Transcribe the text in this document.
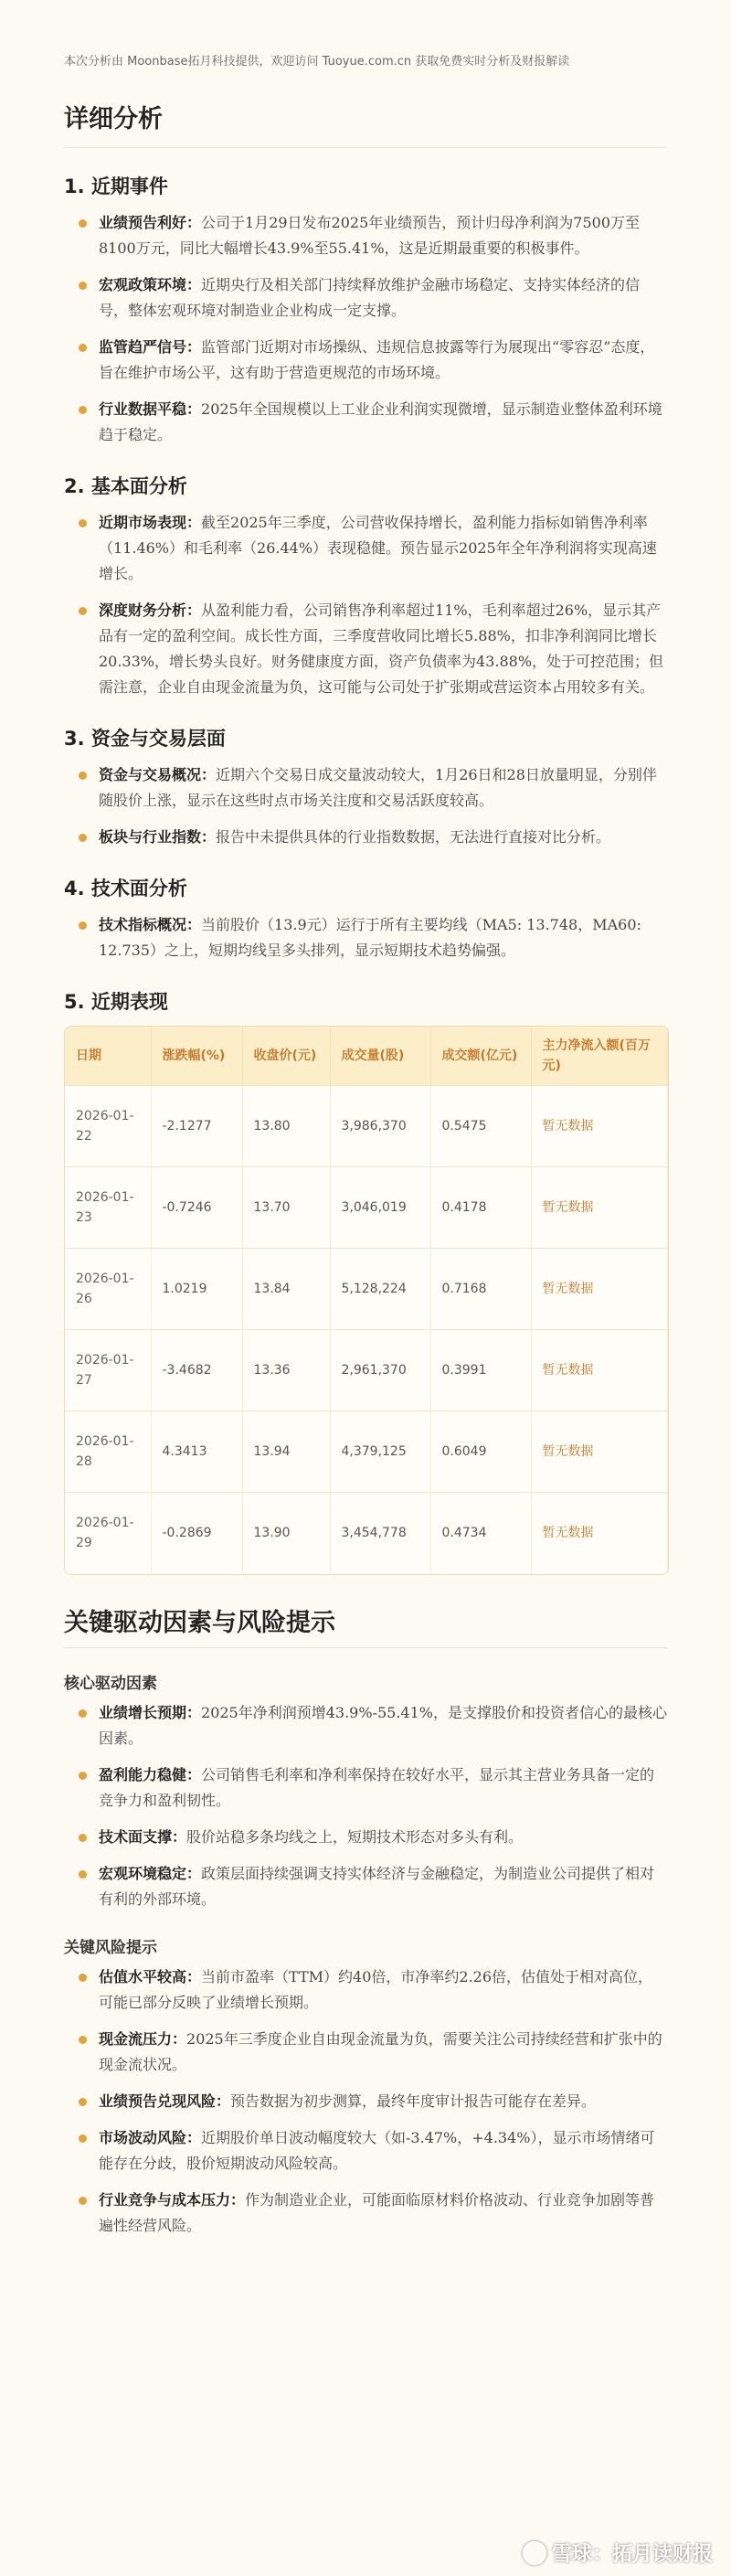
本次分析由 Moonbase拓月科技提供，欢迎访问 Tuoyue.com.cn 获取免费实时分析及财报解读

详细分析
1. 近期事件
业绩预告利好：公司于1月29日发布2025年业绩预告，预计归母净利润为7500万至8100万元，同比大幅增长43.9%至55.41%，这是近期最重要的积极事件。
宏观政策环境：近期央行及相关部门持续释放维护金融市场稳定、支持实体经济的信号，整体宏观环境对制造业企业构成一定支撑。
监管趋严信号：监管部门近期对市场操纵、违规信息披露等行为展现出“零容忍”态度，旨在维护市场公平，这有助于营造更规范的市场环境。
行业数据平稳：2025年全国规模以上工业企业利润实现微增，显示制造业整体盈利环境趋于稳定。
2. 基本面分析
近期市场表现：截至2025年三季度，公司营收保持增长，盈利能力指标如销售净利率（11.46%）和毛利率（26.44%）表现稳健。预告显示2025年全年净利润将实现高速增长。
深度财务分析：从盈利能力看，公司销售净利率超过11%，毛利率超过26%，显示其产品有一定的盈利空间。成长性方面，三季度营收同比增长5.88%，扣非净利润同比增长20.33%，增长势头良好。财务健康度方面，资产负债率为43.88%，处于可控范围；但需注意，企业自由现金流量为负，这可能与公司处于扩张期或营运资本占用较多有关。
3. 资金与交易层面
资金与交易概况：近期六个交易日成交量波动较大，1月26日和28日放量明显，分别伴随股价上涨，显示在这些时点市场关注度和交易活跃度较高。
板块与行业指数：报告中未提供具体的行业指数数据，无法进行直接对比分析。
4. 技术面分析
技术指标概况：当前股价（13.9元）运行于所有主要均线（MA5: 13.748，MA60: 12.735）之上，短期均线呈多头排列，显示短期技术趋势偏强。
5. 近期表现
日期	涨跌幅(%)	收盘价(元)	成交量(股)	成交额(亿元)	主力净流入额(百万元)
2026-01-22	-2.1277	13.80	3,986,370	0.5475	暂无数据
2026-01-23	-0.7246	13.70	3,046,019	0.4178	暂无数据
2026-01-26	1.0219	13.84	5,128,224	0.7168	暂无数据
2026-01-27	-3.4682	13.36	2,961,370	0.3991	暂无数据
2026-01-28	4.3413	13.94	4,379,125	0.6049	暂无数据
2026-01-29	-0.2869	13.90	3,454,778	0.4734	暂无数据
关键驱动因素与风险提示
核心驱动因素
业绩增长预期：2025年净利润预增43.9%-55.41%，是支撑股价和投资者信心的最核心因素。
盈利能力稳健：公司销售毛利率和净利率保持在较好水平，显示其主营业务具备一定的竞争力和盈利韧性。
技术面支撑：股价站稳多条均线之上，短期技术形态对多头有利。
宏观环境稳定：政策层面持续强调支持实体经济与金融稳定，为制造业公司提供了相对有利的外部环境。
关键风险提示
估值水平较高：当前市盈率（TTM）约40倍，市净率约2.26倍，估值处于相对高位，可能已部分反映了业绩增长预期。
现金流压力：2025年三季度企业自由现金流量为负，需要关注公司持续经营和扩张中的现金流状况。
业绩预告兑现风险：预告数据为初步测算，最终年度审计报告可能存在差异。
市场波动风险：近期股价单日波动幅度较大（如-3.47%，+4.34%），显示市场情绪可能存在分歧，股价短期波动风险较高。
行业竞争与成本压力：作为制造业企业，可能面临原材料价格波动、行业竞争加剧等普遍性经营风险。
雪球：拓月读财报
